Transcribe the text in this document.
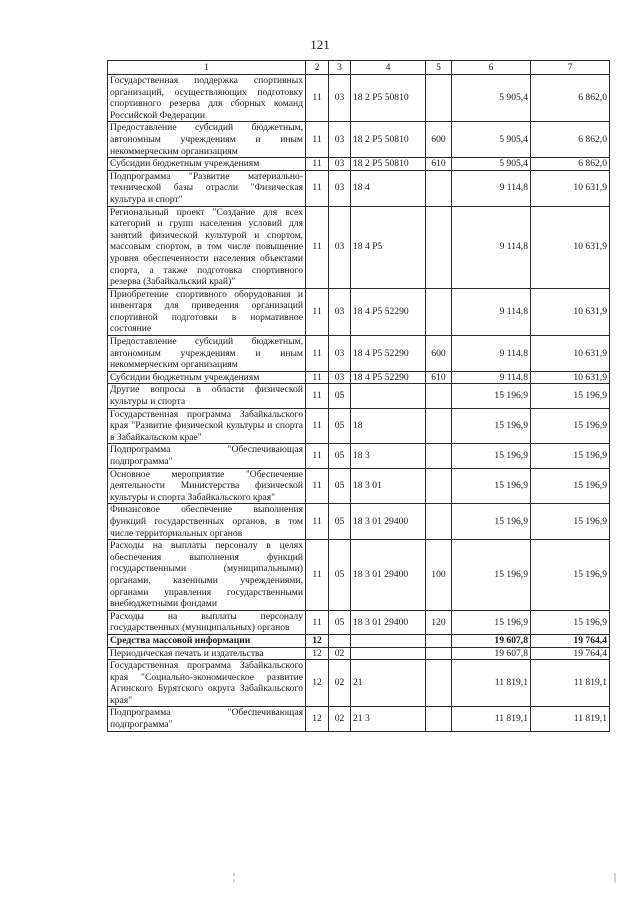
121
1	2	3	4	5	6	7
Государственная поддержка спортивных организаций, осуществляющих подготовку спортивного резерва для сборных команд Российской Федерации	11	03	18 2 P5 50810		5 905,4	6 862,0
Предоставление субсидий бюджетным, автономным учреждениям и иным некоммерческим организациям	11	03	18 2 P5 50810	600	5 905,4	6 862,0
Субсидии бюджетным учреждениям	11	03	18 2 P5 50810	610	5 905,4	6 862,0
Подпрограмма "Развитие материально-технической базы отрасли "Физическая культура и спорт"	11	03	18 4		9 114,8	10 631,9
Региональный проект "Создание для всех категорий и групп населения условий для занятий физической культурой и спортом, массовым спортом, в том числе повышение уровня обеспеченности населения объектами спорта, а также подготовка спортивного резерва (Забайкальский край)"	11	03	18 4 P5		9 114,8	10 631,9
Приобретение спортивного оборудования и инвентаря для приведения организаций спортивной подготовки в нормативное состояние	11	03	18 4 P5 52290		9 114,8	10 631,9
Предоставление субсидий бюджетным, автономным учреждениям и иным некоммерческим организациям	11	03	18 4 P5 52290	600	9 114,8	10 631,9
Субсидии бюджетным учреждениям	11	03	18 4 P5 52290	610	9 114,8	10 631,9
Другие вопросы в области физической культуры и спорта	11	05			15 196,9	15 196,9
Государственная программа Забайкальского края "Развитие физической культуры и спорта в Забайкальском крае"	11	05	18		15 196,9	15 196,9
Подпрограмма "Обеспечивающая подпрограмма"	11	05	18 3		15 196,9	15 196,9
Основное мероприятие "Обеспечение деятельности Министерства физической культуры и спорта Забайкальского края"	11	05	18 3 01		15 196,9	15 196,9
Финансовое обеспечение выполнения функций государственных органов, в том числе территориальных органов	11	05	18 3 01 29400		15 196,9	15 196,9
Расходы на выплаты персоналу в целях обеспечения выполнения функций государственными (муниципальными) органами, казенными учреждениями, органами управления государственными внебюджетными фондами	11	05	18 3 01 29400	100	15 196,9	15 196,9
Расходы на выплаты персоналу государственных (муниципальных) органов	11	05	18 3 01 29400	120	15 196,9	15 196,9
Средства массовой информации	12				19 607,8	19 764,4
Периодическая печать и издательства	12	02			19 607,8	19 764,4
Государственная программа Забайкальского края "Социально-экономическое развитие Агинского Бурятского округа Забайкальского края"	12	02	21		11 819,1	11 819,1
Подпрограмма "Обеспечивающая подпрограмма"	12	02	21 3		11 819,1	11 819,1
¦	|
